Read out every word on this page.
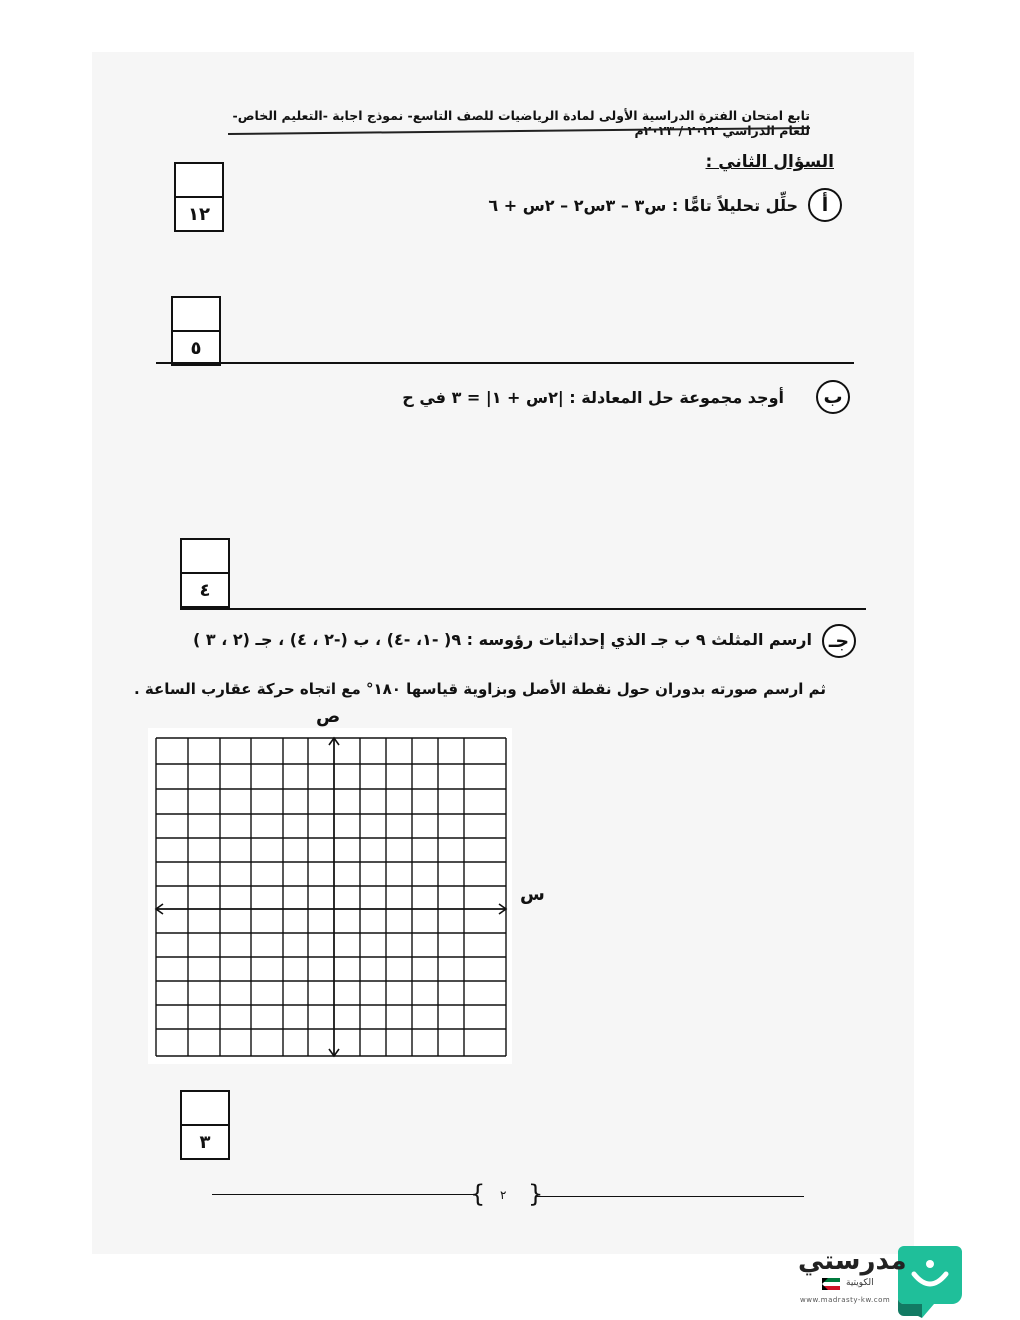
تابع امتحان الفترة الدراسية الأولى لمادة الرياضيات للصف التاسع- نموذج اجابة -التعليم الخاص- للعام الدراسي ٢٠٢٢ / ٢٠٢٣م
السؤال الثاني :
أ
حلِّل تحليلاً تامًّا : س٣ – ٣س٢ – ٢س + ٦
١٢
٥
ب
أوجد مجموعة حل المعادلة : |٢س + ١| = ٣ في ح
٤
جـ
ارسم المثلث ٩ ب جـ الذي إحداثيات رؤوسه : ٩( -١، -٤) ، ب (-٢ ، ٤) ، جـ (٢ ، ٣ )
ثم ارسم صورته بدوران حول نقطة الأصل وبزاوية قياسها ١٨٠° مع اتجاه حركة عقارب الساعة .
ص
س
٣
{ ٢ }
مدرستي
الكويتية
www.madrasty-kw.com
